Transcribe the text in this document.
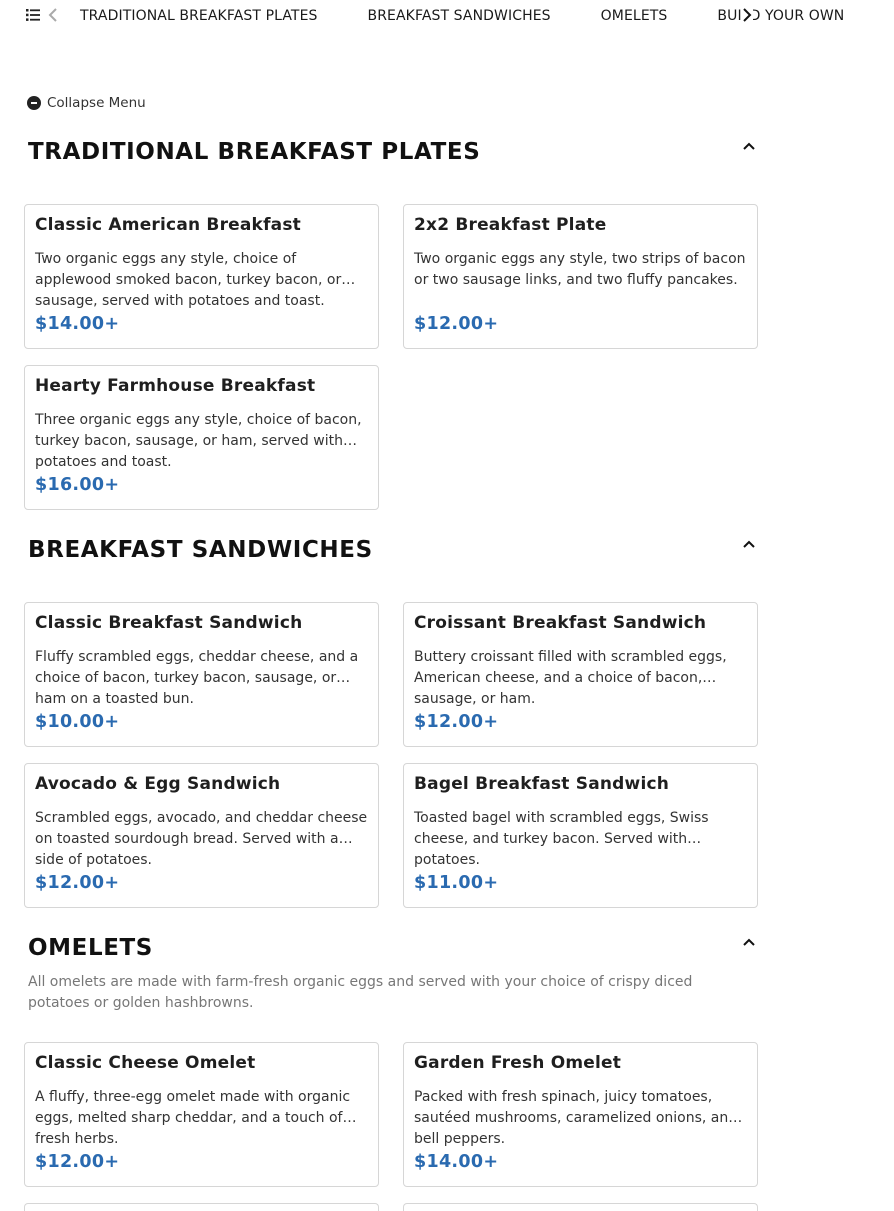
TRADITIONAL BREAKFAST PLATES	BREAKFAST SANDWICHES	OMELETS	BUILD YOUR OWN
Collapse Menu
TRADITIONAL BREAKFAST PLATES
Classic American Breakfast
Two organic eggs any style, choice of applewood smoked bacon, turkey bacon, or sausage, served with potatoes and toast.
$14.00+
2x2 Breakfast Plate
Two organic eggs any style, two strips of bacon or two sausage links, and two fluffy pancakes.
$12.00+
Hearty Farmhouse Breakfast
Three organic eggs any style, choice of bacon, turkey bacon, sausage, or ham, served with potatoes and toast.
$16.00+
BREAKFAST SANDWICHES
Classic Breakfast Sandwich
Fluffy scrambled eggs, cheddar cheese, and a choice of bacon, turkey bacon, sausage, or ham on a toasted bun.
$10.00+
Croissant Breakfast Sandwich
Buttery croissant filled with scrambled eggs, American cheese, and a choice of bacon, sausage, or ham.
$12.00+
Avocado & Egg Sandwich
Scrambled eggs, avocado, and cheddar cheese on toasted sourdough bread. Served with a side of potatoes.
$12.00+
Bagel Breakfast Sandwich
Toasted bagel with scrambled eggs, Swiss cheese, and turkey bacon. Served with potatoes.
$11.00+
OMELETS
All omelets are made with farm-fresh organic eggs and served with your choice of crispy diced potatoes or golden hashbrowns.
Classic Cheese Omelet
A fluffy, three-egg omelet made with organic eggs, melted sharp cheddar, and a touch of fresh herbs.
$12.00+
Garden Fresh Omelet
Packed with fresh spinach, juicy tomatoes, sautéed mushrooms, caramelized onions, and bell peppers.
$14.00+
